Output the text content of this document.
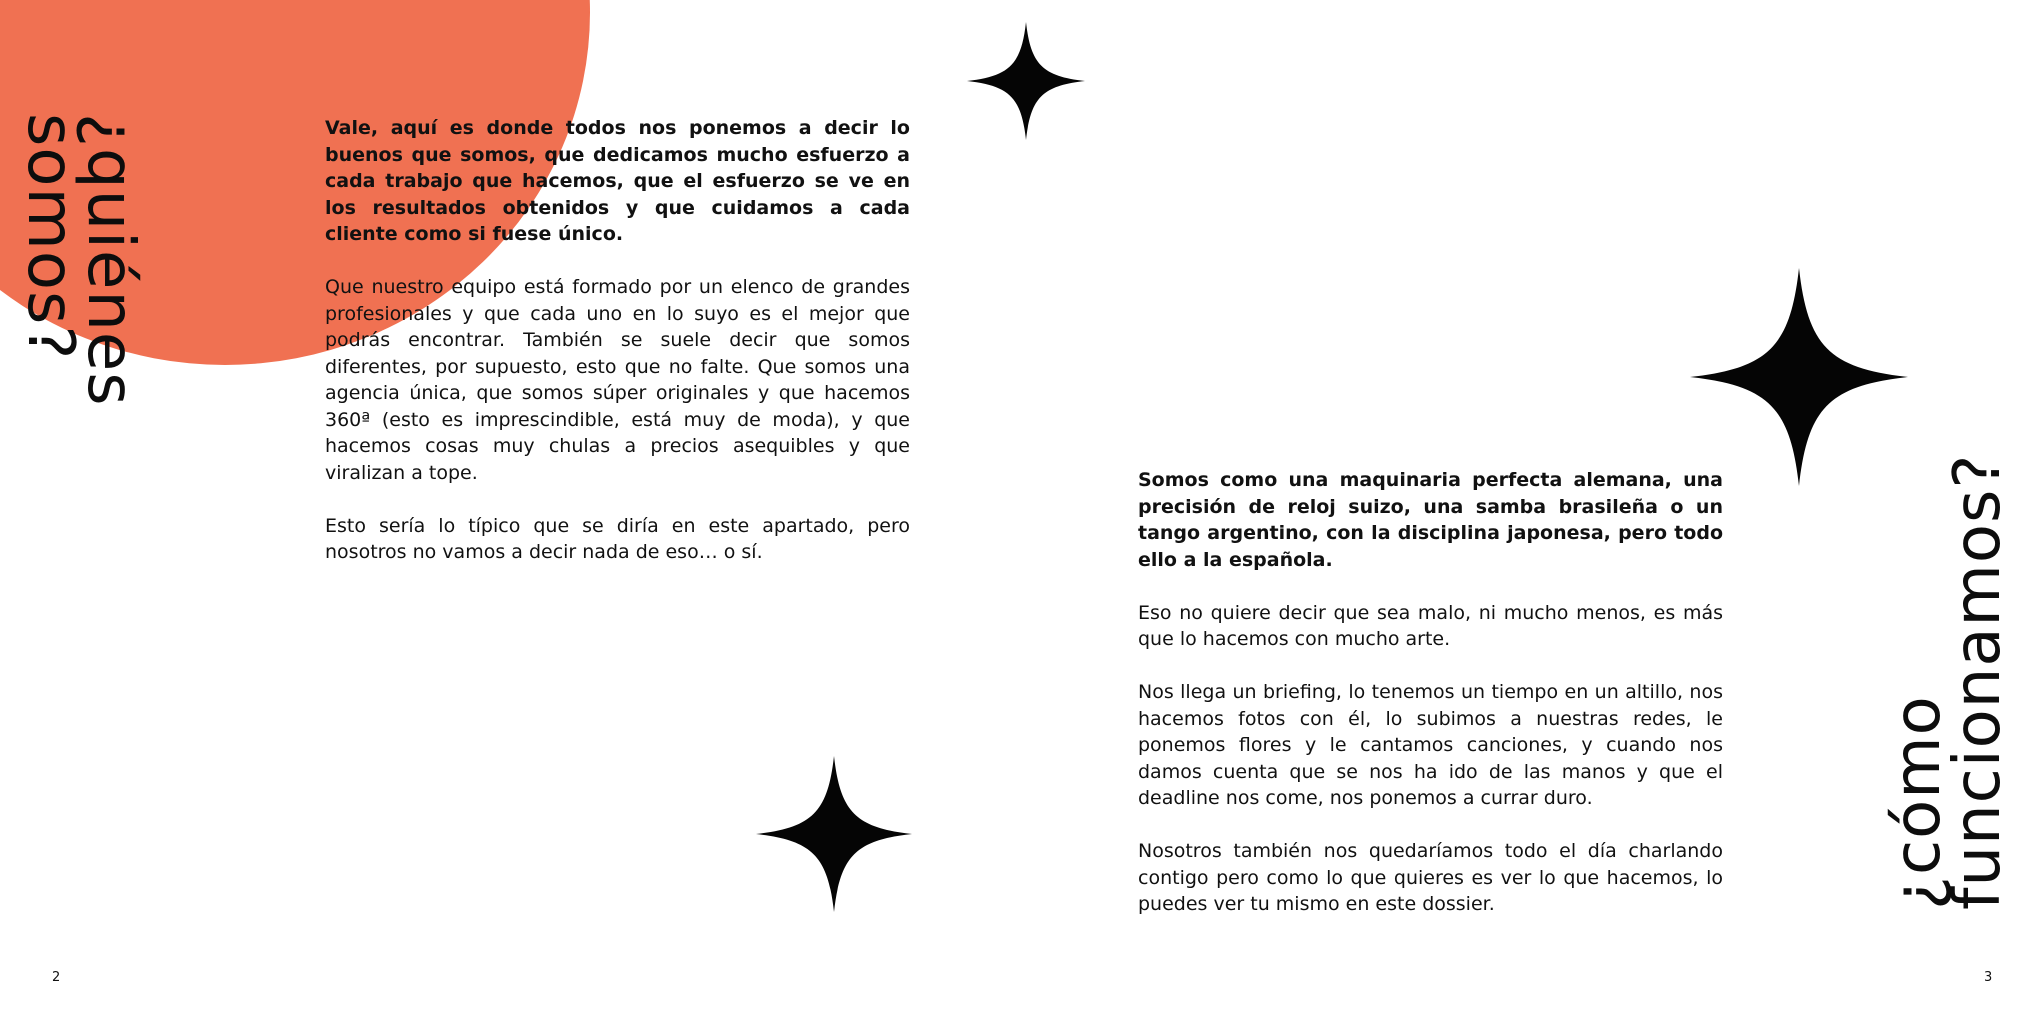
¿quiénes
somos?	Vale, aquí es donde todos nos ponemos a decir lo buenos que somos, que dedicamos mucho esfuerzo a cada trabajo que hacemos, que el esfuerzo se ve en los resultados obtenidos y que cuidamos a cada cliente como si fuese único.

Que nuestro equipo está formado por un elenco de grandes profesionales y que cada uno en lo suyo es el mejor que podrás encontrar. También se suele decir que somos diferentes, por supuesto, esto que no falte. Que somos una agencia única, que somos súper originales y que hacemos 360ª (esto es imprescindible, está muy de moda), y que hacemos cosas muy chulas a precios asequibles y que viralizan a tope.

Esto sería lo típico que se diría en este apartado, pero nosotros no vamos a decir nada de eso… o sí.

Somos como una maquinaria perfecta alemana, una precisión de reloj suizo, una samba brasileña o un tango argentino, con la disciplina japonesa, pero todo ello a la española.

Eso no quiere decir que sea malo, ni mucho menos, es más que lo hacemos con mucho arte.

Nos llega un briefing, lo tenemos un tiempo en un altillo, nos hacemos fotos con él, lo subimos a nuestras redes, le ponemos flores y le cantamos canciones, y cuando nos damos cuenta que se nos ha ido de las manos y que el deadline nos come, nos ponemos a currar duro.

Nosotros también nos quedaríamos todo el día charlando contigo pero como lo que quieres es ver lo que hacemos, lo puedes ver tu mismo en este dossier.	¿cómo
funcionamos?
2	3
